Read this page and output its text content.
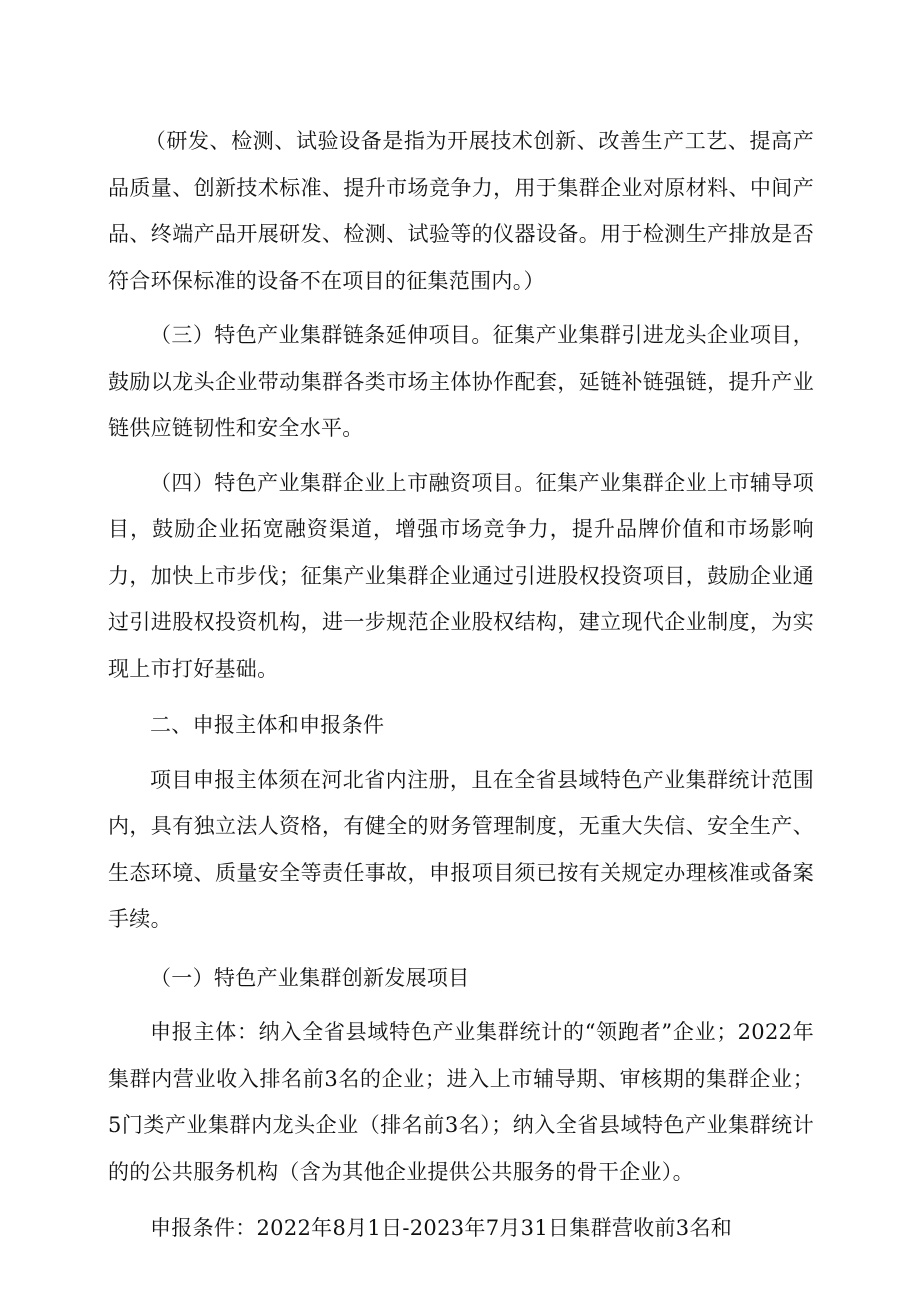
（研发、检测、试验设备是指为开展技术创新、改善生产工艺、提高产品质量、创新技术标准、提升市场竞争力，用于集群企业对原材料、中间产品、终端产品开展研发、检测、试验等的仪器设备。用于检测生产排放是否符合环保标准的设备不在项目的征集范围内。）

（三）特色产业集群链条延伸项目。征集产业集群引进龙头企业项目，鼓励以龙头企业带动集群各类市场主体协作配套，延链补链强链，提升产业链供应链韧性和安全水平。

（四）特色产业集群企业上市融资项目。征集产业集群企业上市辅导项目，鼓励企业拓宽融资渠道，增强市场竞争力，提升品牌价值和市场影响力，加快上市步伐；征集产业集群企业通过引进股权投资项目，鼓励企业通过引进股权投资机构，进一步规范企业股权结构，建立现代企业制度，为实现上市打好基础。

二、申报主体和申报条件

项目申报主体须在河北省内注册，且在全省县域特色产业集群统计范围内，具有独立法人资格，有健全的财务管理制度，无重大失信、安全生产、生态环境、质量安全等责任事故，申报项目须已按有关规定办理核准或备案手续。

（一）特色产业集群创新发展项目

申报主体：纳入全省县域特色产业集群统计的“领跑者”企业；2022年集群内营业收入排名前3名的企业；进入上市辅导期、审核期的集群企业；5门类产业集群内龙头企业（排名前3名）；纳入全省县域特色产业集群统计的的公共服务机构（含为其他企业提供公共服务的骨干企业）。

申报条件：2022年8月1日-2023年7月31日集群营收前3名和
